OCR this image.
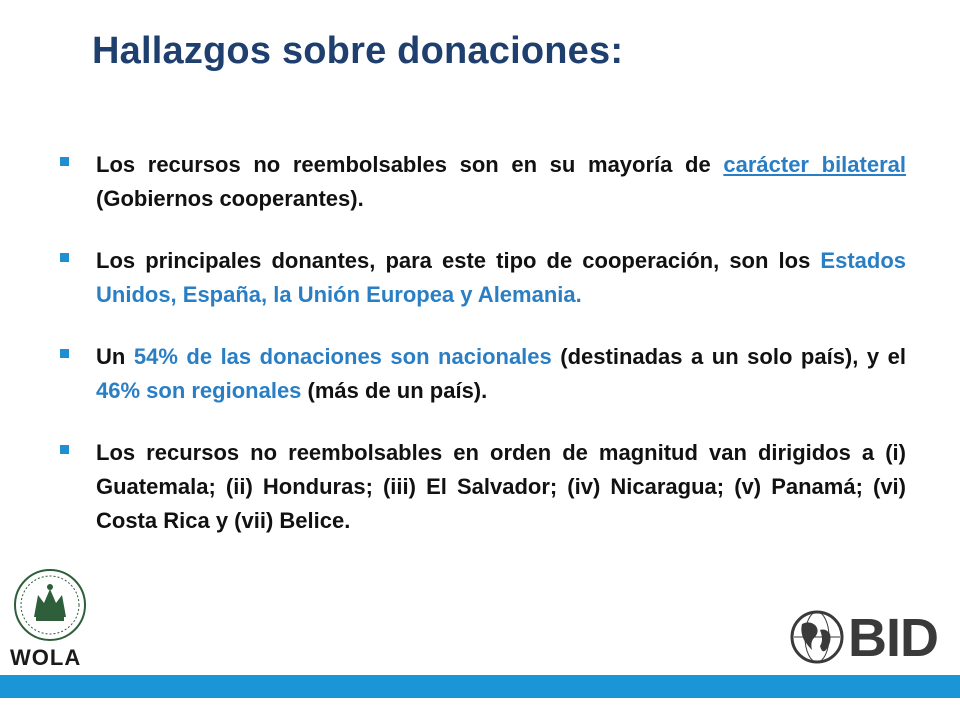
Hallazgos sobre donaciones:
Los recursos no reembolsables son en su mayoría de carácter bilateral (Gobiernos cooperantes).
Los principales donantes, para este tipo de cooperación, son los Estados Unidos, España, la Unión Europea y Alemania.
Un 54% de las donaciones son nacionales (destinadas a un solo país), y el 46% son regionales (más de un país).
Los recursos no reembolsables en orden de magnitud van dirigidos a (i) Guatemala; (ii) Honduras; (iii) El Salvador; (iv) Nicaragua; (v) Panamá; (vi) Costa Rica y (vii) Belice.
WOLA	BID
